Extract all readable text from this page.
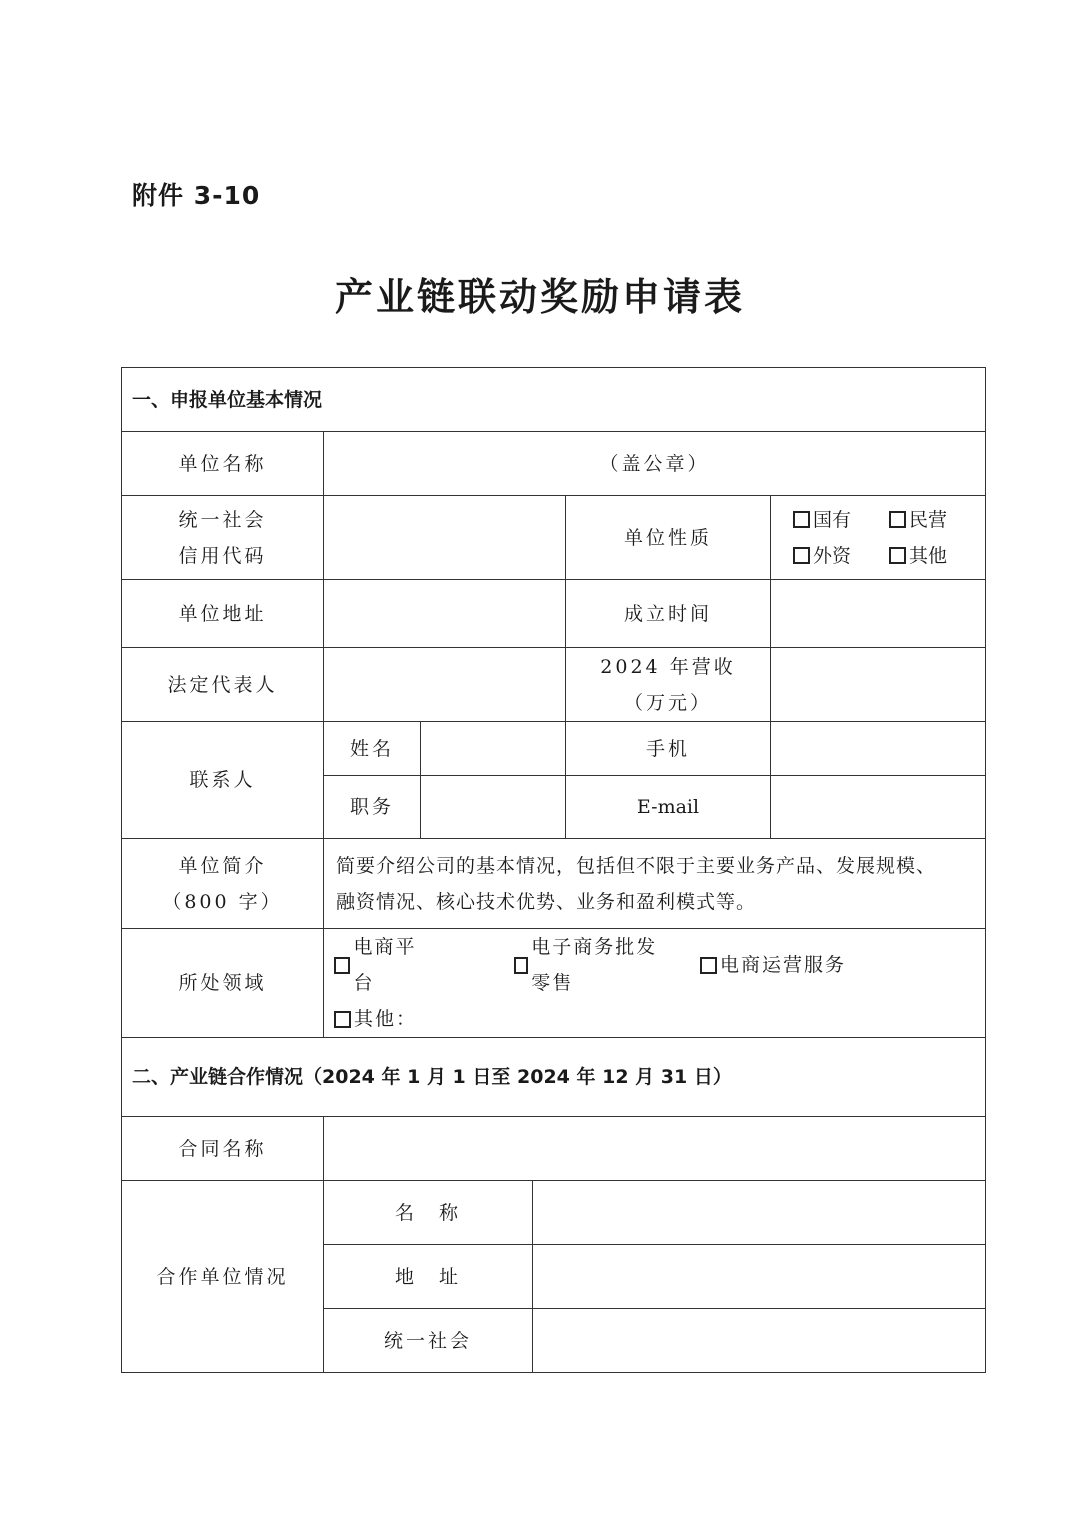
附件 3-10
产业链联动奖励申请表
一、申报单位基本情况					
单位名称	（盖公章）				

统一社会
信用代码				单位性质	国有 民营
外资 其他

单位地址				成立时间	
法定代表人				2024 年营收
（万元）	

联系人	姓名			手机	
	职务			E-mail	

单位简介
（800 字）	简要介绍公司的基本情况，包括但不限于主要业务产品、发展规模、
融资情况、核心技术优势、业务和盈利模式等。				

所处领域	电商平台
电子商务批发零售
电商运营服务
其他：				

二、产业链合作情况（2024 年 1 月 1 日至 2024 年 12 月 31 日）					
合同名称					
合作单位情况	名　称				
	地　址				
	统一社会				
